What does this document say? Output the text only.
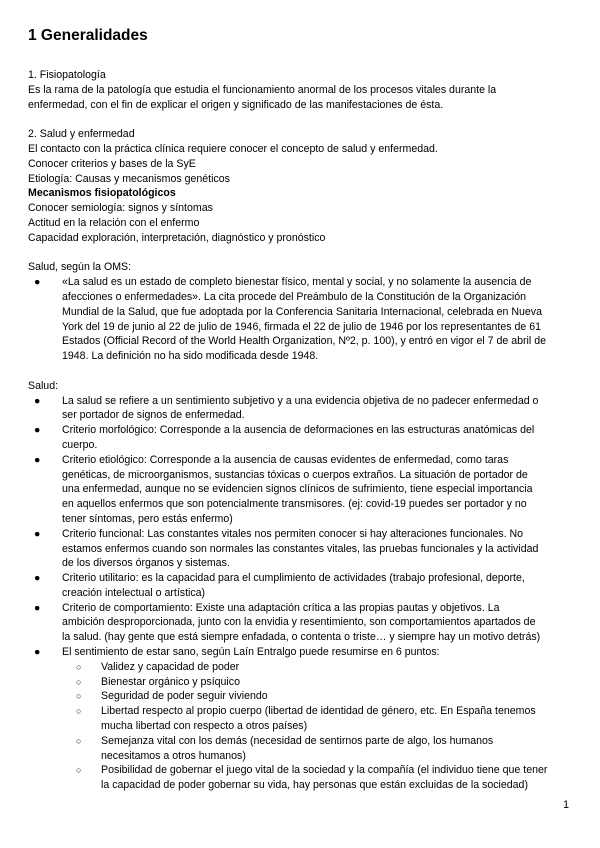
1 Generalidades

1. Fisiopatología

Es la rama de la patología que estudia el funcionamiento anormal de los procesos vitales durante la

enfermedad, con el fin de explicar el origen y significado de las manifestaciones de ésta.

2. Salud y enfermedad

El contacto con la práctica clínica requiere conocer el concepto de salud y enfermedad.

Conocer criterios y bases de la SyE

Etiología: Causas y mecanismos genéticos

Mecanismos fisiopatológicos

Conocer semiología: signos y síntomas

Actitud en la relación con el enfermo

Capacidad exploración, interpretación, diagnóstico y pronóstico

Salud, según la OMS:

● «La salud es un estado de completo bienestar físico, mental y social, y no solamente la ausencia de
afecciones o enfermedades». La cita procede del Preámbulo de la Constitución de la Organización
Mundial de la Salud, que fue adoptada por la Conferencia Sanitaria Internacional, celebrada en Nueva
York del 19 de junio al 22 de julio de 1946, firmada el 22 de julio de 1946 por los representantes de 61
Estados (Official Record of the World Health Organization, Nº2, p. 100), y entró en vigor el 7 de abril de
1948. La definición no ha sido modificada desde 1948.

Salud:

● La salud se refiere a un sentimiento subjetivo y a una evidencia objetiva de no padecer enfermedad o
ser portador de signos de enfermedad.
● Criterio morfológico: Corresponde a la ausencia de deformaciones en las estructuras anatómicas del
cuerpo.
● Criterio etiológico: Corresponde a la ausencia de causas evidentes de enfermedad, como taras
genéticas, de microorganismos, sustancias tóxicas o cuerpos extraños. La situación de portador de
una enfermedad, aunque no se evidencien signos clínicos de sufrimiento, tiene especial importancia
en aquellos enfermos que son potencialmente transmisores. (ej: covid-19 puedes ser portador y no
tener síntomas, pero estás enfermo)
● Criterio funcional: Las constantes vitales nos permiten conocer si hay alteraciones funcionales. No
estamos enfermos cuando son normales las constantes vitales, las pruebas funcionales y la actividad
de los diversos órganos y sistemas.
● Criterio utilitario: es la capacidad para el cumplimiento de actividades (trabajo profesional, deporte,
creación intelectual o artística)
● Criterio de comportamiento: Existe una adaptación crítica a las propias pautas y objetivos. La
ambición desproporcionada, junto con la envidia y resentimiento, son comportamientos apartados de
la salud. (hay gente que está siempre enfadada, o contenta o triste… y siempre hay un motivo detrás)
● El sentimiento de estar sano, según Laín Entralgo puede resumirse en 6 puntos:
○ Validez y capacidad de poder
○ Bienestar orgánico y psíquico
○ Seguridad de poder seguir viviendo
○ Libertad respecto al propio cuerpo (libertad de identidad de género, etc. En España tenemos
mucha libertad con respecto a otros países)
○ Semejanza vital con los demás (necesidad de sentirnos parte de algo, los humanos
necesitamos a otros humanos)
○ Posibilidad de gobernar el juego vital de la sociedad y la compañía (el individuo tiene que tener
la capacidad de poder gobernar su vida, hay personas que están excluidas de la sociedad)
1
